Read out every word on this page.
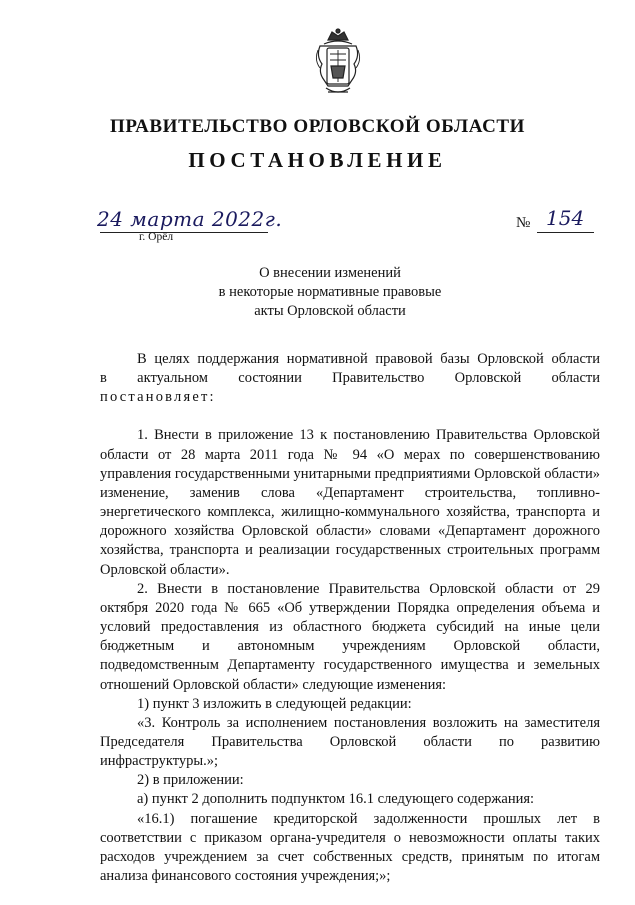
ПРАВИТЕЛЬСТВО ОРЛОВСКОЙ ОБЛАСТИ
ПОСТАНОВЛЕНИЕ
24 марта 2022г.
г. Орёл
№ 154
О внесении изменений
в некоторые нормативные правовые
акты Орловской области

В целях поддержания нормативной правовой базы Орловской области

в актуальном состоянии Правительство Орловской области

постановляет:

1. Внести в приложение 13 к постановлению Правительства Орловской области от 28 марта 2011 года № 94 «О мерах по совершенствованию управления государственными унитарными предприятиями Орловской области» изменение, заменив слова «Департамент строительства, топливно-энергетического комплекса, жилищно-коммунального хозяйства, транспорта и дорожного хозяйства Орловской области» словами «Департамент дорожного хозяйства, транспорта и реализации государственных строительных программ Орловской области».

2. Внести в постановление Правительства Орловской области от 29 октября 2020 года № 665 «Об утверждении Порядка определения объема и условий предоставления из областного бюджета субсидий на иные цели бюджетным и автономным учреждениям Орловской области, подведомственным Департаменту государственного имущества и земельных отношений Орловской области» следующие изменения:

1) пункт 3 изложить в следующей редакции:

«3. Контроль за исполнением постановления возложить на заместителя Председателя Правительства Орловской области по развитию инфраструктуры.»;

2) в приложении:

а) пункт 2 дополнить подпунктом 16.1 следующего содержания:

«16.1) погашение кредиторской задолженности прошлых лет в соответствии с приказом органа-учредителя о невозможности оплаты таких расходов учреждением за счет собственных средств, принятым по итогам анализа финансового состояния учреждения;»;
